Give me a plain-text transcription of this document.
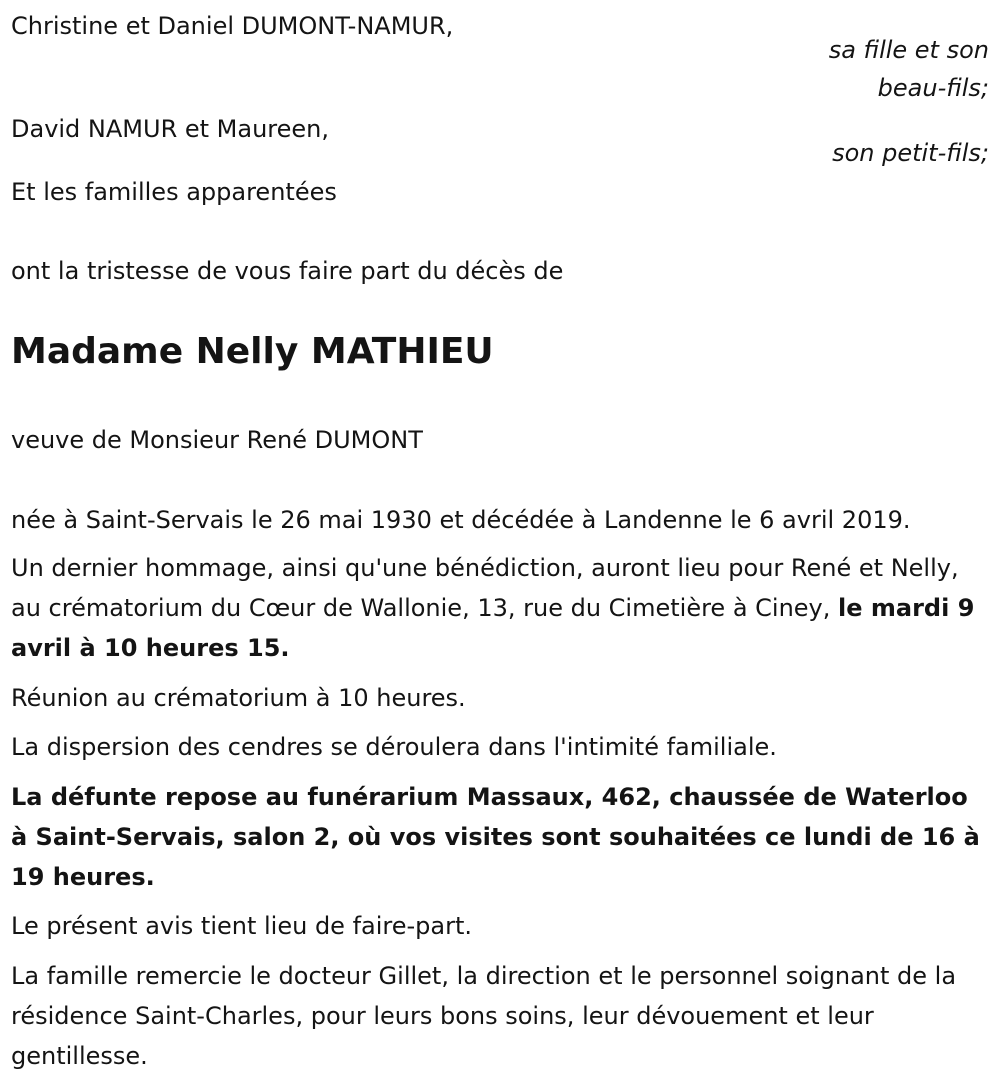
Christine et Daniel DUMONT-NAMUR,
sa fille et son
beau-fils;
David NAMUR et Maureen,
son petit-fils;
Et les familles apparentées
ont la tristesse de vous faire part du décès de
Madame Nelly MATHIEU
veuve de Monsieur René DUMONT
née à Saint-Servais le 26 mai 1930 et décédée à Landenne le 6 avril 2019.
Un dernier hommage, ainsi qu'une bénédiction, auront lieu pour René et Nelly, au crématorium du Cœur de Wallonie, 13, rue du Cimetière à Ciney, le mardi 9 avril à 10 heures 15.
Réunion au crématorium à 10 heures.
La dispersion des cendres se déroulera dans l'intimité familiale.
La défunte repose au funérarium Massaux, 462, chaussée de Waterloo à Saint-Servais, salon 2, où vos visites sont souhaitées ce lundi de 16 à 19 heures.
Le présent avis tient lieu de faire-part.
La famille remercie le docteur Gillet, la direction et le personnel soignant de la résidence Saint-Charles, pour leurs bons soins, leur dévouement et leur gentillesse.
